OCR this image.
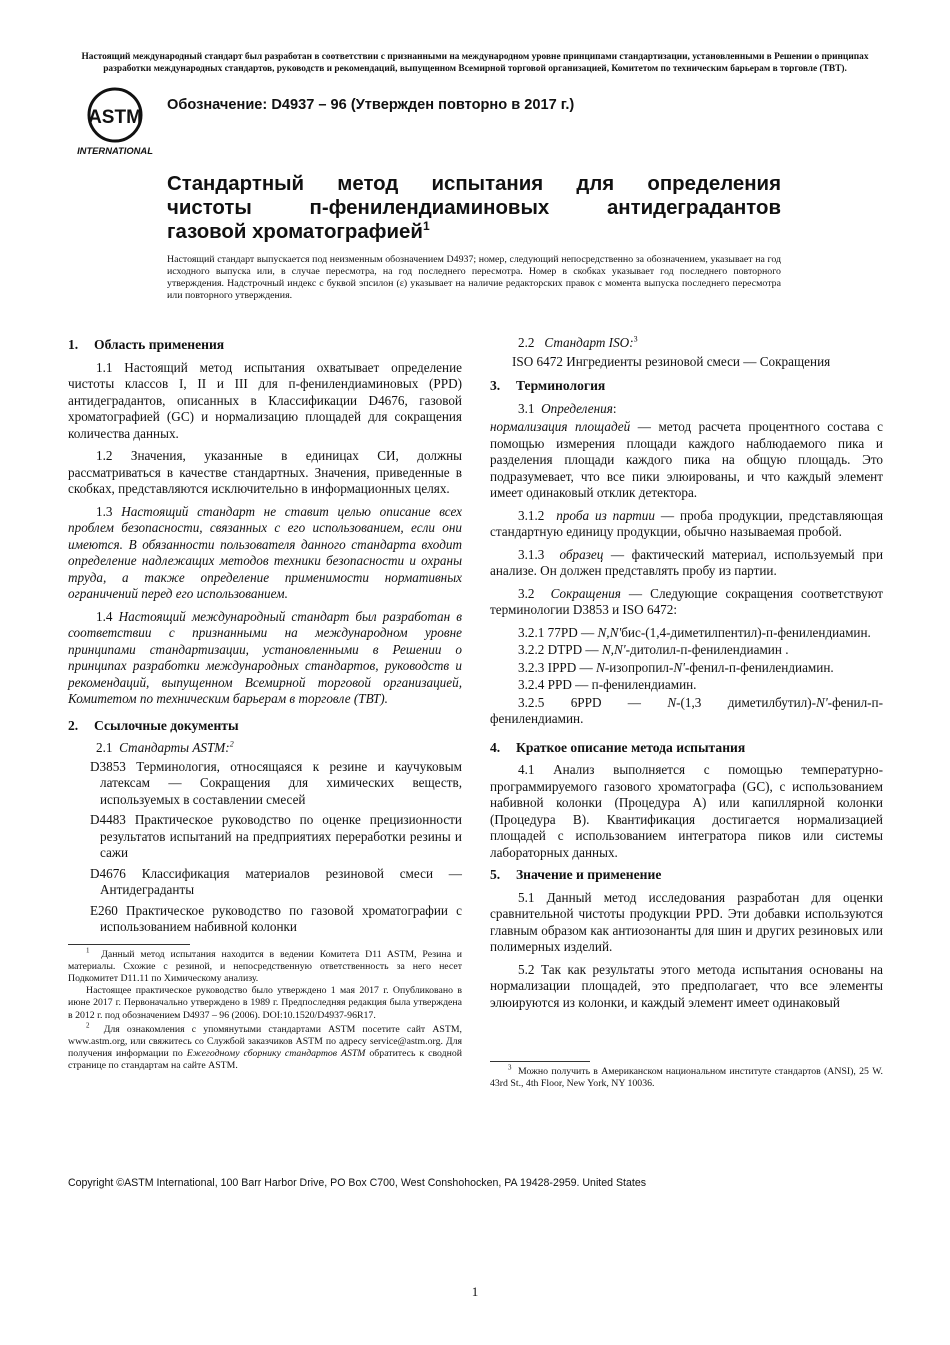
Настоящий международный стандарт был разработан в соответствии с признанными на международном уровне принципами стандартизации, установленными в Решении о принципах
разработки международных стандартов, руководств и рекомендаций, выпущенном Всемирной торговой организацией, Комитетом по техническим барьерам в торговле (ТВТ).
ASTM
INTERNATIONAL
Обозначение: D4937 – 96 (Утвержден повторно в 2017 г.)
Стандартный метод испытания для определения
чистоты п-фенилендиаминовых антидеградантов
газовой хроматографией$^1$
Настоящий стандарт выпускается под неизменным обозначением D4937; номер, следующий непосредственно за обозначением, указывает на год исходного выпуска или, в случае пересмотра, на год последнего пересмотра. Номер в скобках указывает год последнего повторного утверждения. Надстрочный индекс с буквой эпсилон (ε) указывает на наличие редакторских правок с момента выпуска последнего пересмотра или повторного утверждения.
1. Область применения

1.1 Настоящий метод испытания охватывает определение чистоты классов I, II и III для п-фенилендиаминовых (PPD) антидеградантов, описанных в Классификации D4676, газовой хроматографией (GC) и нормализацию площадей для сокращения количества данных.

1.2 Значения, указанные в единицах СИ, должны рассматриваться в качестве стандартных. Значения, приведенные в скобках, представляются исключительно в информационных целях.

1.3 Настоящий стандарт не ставит целью описание всех проблем безопасности, связанных с его использованием, если они имеются. В обязанности пользователя данного стандарта входит определение надлежащих методов техники безопасности и охраны труда, а также определение применимости нормативных ограничений перед его использованием.

1.4 Настоящий международный стандарт был разработан в соответствии с признанными на международном уровне принципами стандартизации, установленными в Решении о принципах разработки международных стандартов, руководств и рекомендаций, выпущенном Всемирной торговой организацией, Комитетом по техническим барьерам в торговле (ТВТ).

2. Ссылочные документы
2.1 Стандарты ASTM:$^2$
D3853 Терминология, относящаяся к резине и каучуковым латексам — Сокращения для химических веществ, используемых в составлении смесей
D4483 Практическое руководство по оценке прецизионности результатов испытаний на предприятиях переработки резины и сажи
D4676 Классификация материалов резиновой смеси — Антидеграданты
E260 Практическое руководство по газовой хроматографии с использованием набивной колонки
$^1$ Данный метод испытания находится в ведении Комитета D11 ASTM, Резина и материалы. Схожие с резиной, и непосредственную ответственность за него несет Подкомитет D11.11 по Химическому анализу.
Настоящее практическое руководство было утверждено 1 мая 2017 г. Опубликовано в июне 2017 г. Первоначально утверждено в 1989 г. Предпоследняя редакция была утверждена в 2012 г. под обозначением D4937 – 96 (2006). DOI:10.1520/D4937-96R17.
$^2$ Для ознакомления с упомянутыми стандартами ASTM посетите сайт ASTM, www.astm.org, или свяжитесь со Службой заказчиков ASTM по адресу service@astm.org. Для получения информации по Ежегодному сборнику стандартов ASTM обратитесь к сводной странице по стандартам на сайте ASTM.
2.2 Стандарт ISO:$^3$
ISO 6472 Ингредиенты резиновой смеси — Сокращения
3. Терминология
3.1 Определения:

нормализация площадей — метод расчета процентного состава с помощью измерения площади каждого наблюдаемого пика и разделения площади каждого пика на общую площадь. Это подразумевает, что все пики элюированы, и что каждый элемент имеет одинаковый отклик детектора.

3.1.2 проба из партии — проба продукции, представляющая стандартную единицу продукции, обычно называемая пробой.

3.1.3 образец — фактический материал, используемый при анализе. Он должен представлять пробу из партии.

3.2 Сокращения — Следующие сокращения соответствуют терминологии D3853 и ISO 6472:

3.2.1 77PD — N,N'бис-(1,4-диметилпентил)-п-фенилендиамин.
3.2.2 DTPD — N,N'-дитолил-п-фенилендиамин .
3.2.3 IPPD — N-изопропил-N'-фенил-п-фенилендиамин.
3.2.4 PPD — п-фенилендиамин.
3.2.5 6PPD — N-(1,3 диметилбутил)-N'-фенил-п-фенилендиамин.
4. Краткое описание метода испытания

4.1 Анализ выполняется с помощью температурно-программируемого газового хроматографа (GC), с использованием набивной колонки (Процедура A) или капиллярной колонки (Процедура B). Квантификация достигается нормализацией площадей с использованием интегратора пиков или системы лабораторных данных.

5. Значение и применение

5.1 Данный метод исследования разработан для оценки сравнительной чистоты продукции PPD. Эти добавки используются главным образом как антиозонанты для шин и других резиновых или полимерных изделий.

5.2 Так как результаты этого метода испытания основаны на нормализации площадей, это предполагает, что все элементы элюируются из колонки, и каждый элемент имеет одинаковый

$^3$ Можно получить в Американском национальном институте стандартов (ANSI), 25 W. 43rd St., 4th Floor, New York, NY 10036.
Copyright ©ASTM International, 100 Barr Harbor Drive, PO Box C700, West Conshohocken, PA 19428-2959. United States
1
